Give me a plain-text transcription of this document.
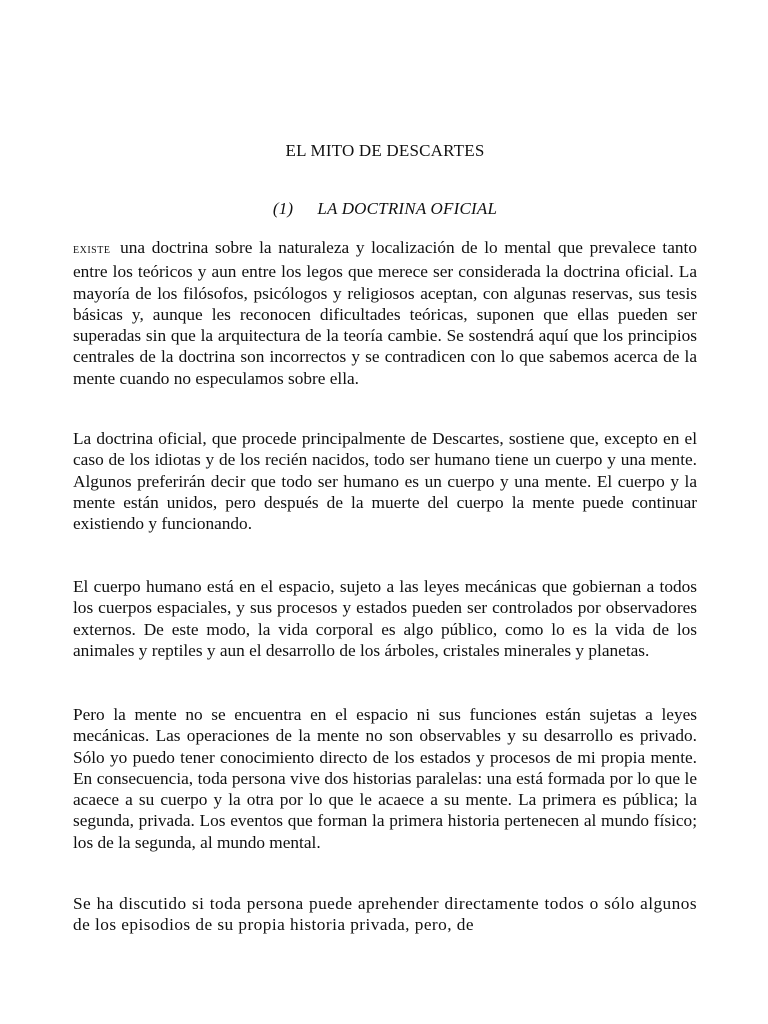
EL MITO DE DESCARTES
(1) LA DOCTRINA OFICIAL

EXISTE una doctrina sobre la naturaleza y localización de lo mental que prevalece tanto entre los teóricos y aun entre los legos que merece ser considerada la doctrina oficial. La mayoría de los filósofos, psicólogos y religiosos aceptan, con algunas reservas, sus tesis básicas y, aunque les reconocen dificultades teóricas, suponen que ellas pueden ser superadas sin que la arquitectura de la teoría cambie. Se sostendrá aquí que los principios centrales de la doctrina son incorrectos y se contradicen con lo que sabemos acerca de la mente cuando no especulamos sobre ella.

La doctrina oficial, que procede principalmente de Descartes, sostiene que, excepto en el caso de los idiotas y de los recién nacidos, todo ser humano tiene un cuerpo y una mente. Algunos preferirán decir que todo ser humano es un cuerpo y una mente. El cuerpo y la mente están unidos, pero después de la muerte del cuerpo la mente puede continuar existiendo y funcionando.

El cuerpo humano está en el espacio, sujeto a las leyes mecánicas que gobiernan a todos los cuerpos espaciales, y sus procesos y estados pueden ser controlados por observadores externos. De este modo, la vida corporal es algo público, como lo es la vida de los animales y reptiles y aun el desarrollo de los árboles, cristales minerales y planetas.

Pero la mente no se encuentra en el espacio ni sus funciones están sujetas a leyes mecánicas. Las operaciones de la mente no son observables y su desarrollo es privado. Sólo yo puedo tener conocimiento directo de los estados y procesos de mi propia mente. En consecuencia, toda persona vive dos historias paralelas: una está formada por lo que le acaece a su cuerpo y la otra por lo que le acaece a su mente. La primera es pública; la segunda, privada. Los eventos que forman la primera historia pertenecen al mundo físico; los de la segunda, al mundo mental.

Se ha discutido si toda persona puede aprehender directamente todos o sólo algunos de los episodios de su propia historia privada, pero, de
